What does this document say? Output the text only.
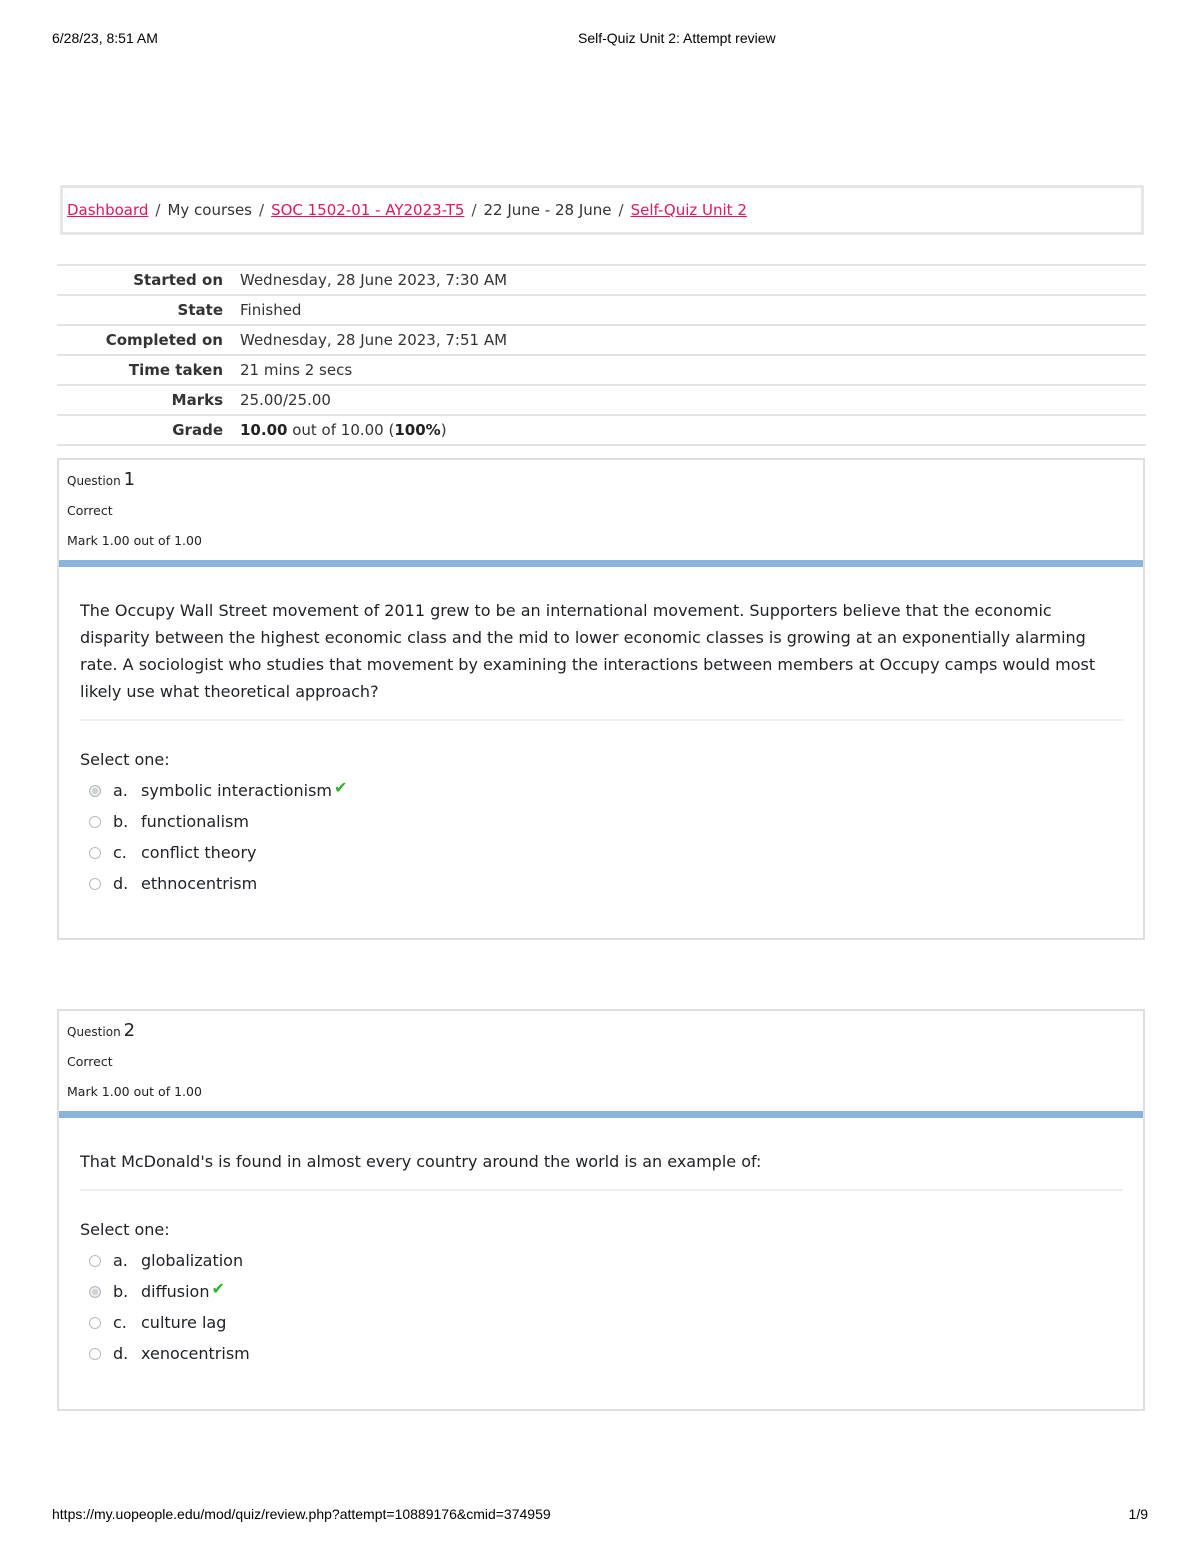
6/28/23, 8:51 AM	Self-Quiz Unit 2: Attempt review
Dashboard / My courses / SOC 1502-01 - AY2023-T5 / 22 June - 28 June / Self-Quiz Unit 2
Started on Wednesday, 28 June 2023, 7:30 AM
State Finished
Completed on Wednesday, 28 June 2023, 7:51 AM
Time taken 21 mins 2 secs
Marks 25.00/25.00
Grade 10.00 out of 10.00 (100%)
Question 1
Correct
Mark 1.00 out of 1.00
The Occupy Wall Street movement of 2011 grew to be an international movement. Supporters believe that the economic disparity between the highest economic class and the mid to lower economic classes is growing at an exponentially alarming rate. A sociologist who studies that movement by examining the interactions between members at Occupy camps would most likely use what theoretical approach?
Select one:
a. symbolic interactionism ✔
b. functionalism
c. conflict theory
d. ethnocentrism
Question 2
Correct
Mark 1.00 out of 1.00
That McDonald's is found in almost every country around the world is an example of:
Select one:
a. globalization
b. diffusion ✔
c. culture lag
d. xenocentrism
https://my.uopeople.edu/mod/quiz/review.php?attempt=10889176&cmid=374959	1/9
